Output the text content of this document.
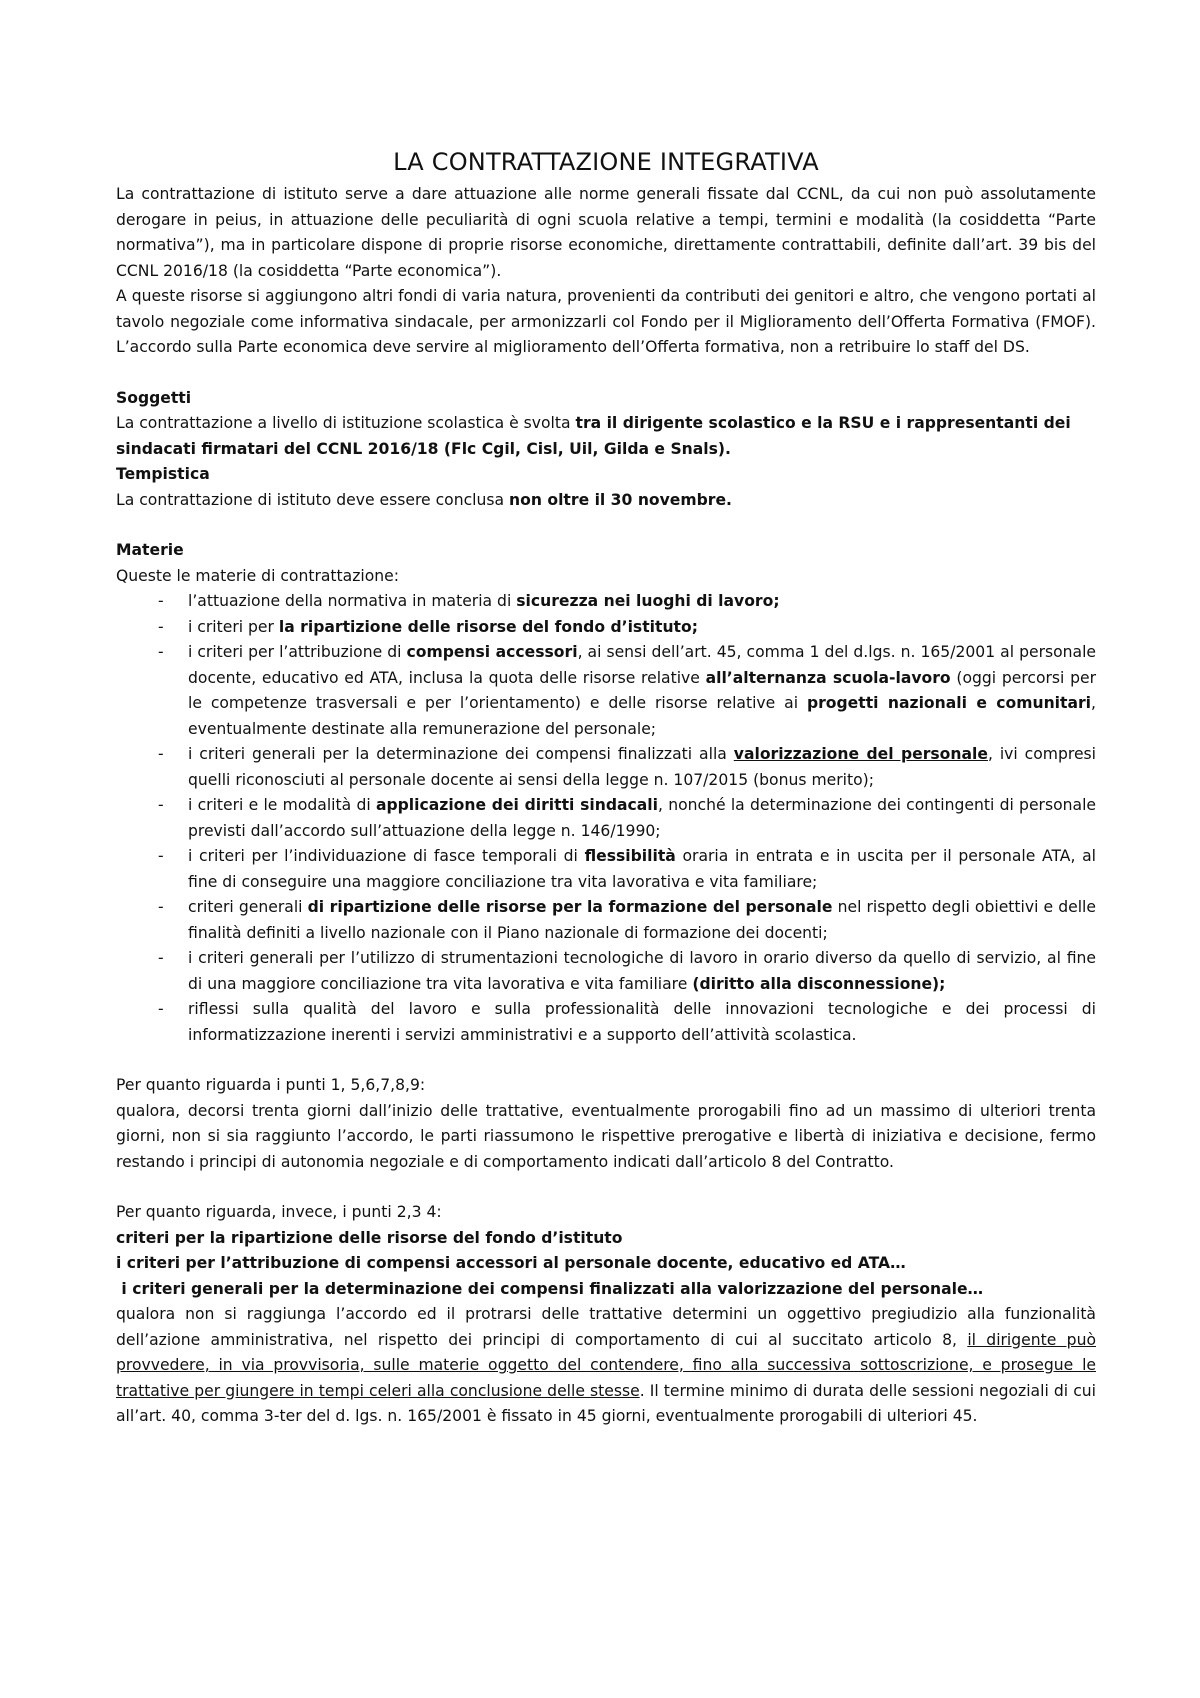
LA CONTRATTAZIONE INTEGRATIVA

La contrattazione di istituto serve a dare attuazione alle norme generali fissate dal CCNL, da cui non può assolutamente derogare in peius, in attuazione delle peculiarità di ogni scuola relative a tempi, termini e modalità (la cosiddetta “Parte normativa”), ma in particolare dispone di proprie risorse economiche, direttamente contrattabili, definite dall’art. 39 bis del CCNL 2016/18 (la cosiddetta “Parte economica”).

A queste risorse si aggiungono altri fondi di varia natura, provenienti da contributi dei genitori e altro, che vengono portati al tavolo negoziale come informativa sindacale, per armonizzarli col Fondo per il Miglioramento dell’Offerta Formativa (FMOF). L’accordo sulla Parte economica deve servire al miglioramento dell’Offerta formativa, non a retribuire lo staff del DS.

Soggetti

La contrattazione a livello di istituzione scolastica è svolta tra il dirigente scolastico e la RSU e i rappresentanti dei sindacati firmatari del CCNL 2016/18 (Flc Cgil, Cisl, Uil, Gilda e Snals).

Tempistica

La contrattazione di istituto deve essere conclusa non oltre il 30 novembre.

Materie

Queste le materie di contrattazione:

- l’attuazione della normativa in materia di sicurezza nei luoghi di lavoro;
- i criteri per la ripartizione delle risorse del fondo d’istituto;
- i criteri per l’attribuzione di compensi accessori, ai sensi dell’art. 45, comma 1 del d.lgs. n. 165/2001 al personale docente, educativo ed ATA, inclusa la quota delle risorse relative all’alternanza scuola-lavoro (oggi percorsi per le competenze trasversali e per l’orientamento) e delle risorse relative ai progetti nazionali e comunitari, eventualmente destinate alla remunerazione del personale;
- i criteri generali per la determinazione dei compensi finalizzati alla valorizzazione del personale, ivi compresi quelli riconosciuti al personale docente ai sensi della legge n. 107/2015 (bonus merito);
- i criteri e le modalità di applicazione dei diritti sindacali, nonché la determinazione dei contingenti di personale previsti dall’accordo sull’attuazione della legge n. 146/1990;
- i criteri per l’individuazione di fasce temporali di flessibilità oraria in entrata e in uscita per il personale ATA, al fine di conseguire una maggiore conciliazione tra vita lavorativa e vita familiare;
- criteri generali di ripartizione delle risorse per la formazione del personale nel rispetto degli obiettivi e delle finalità definiti a livello nazionale con il Piano nazionale di formazione dei docenti;
- i criteri generali per l’utilizzo di strumentazioni tecnologiche di lavoro in orario diverso da quello di servizio, al fine di una maggiore conciliazione tra vita lavorativa e vita familiare (diritto alla disconnessione);
- riflessi sulla qualità del lavoro e sulla professionalità delle innovazioni tecnologiche e dei processi di informatizzazione inerenti i servizi amministrativi e a supporto dell’attività scolastica.

Per quanto riguarda i punti 1, 5,6,7,8,9:

qualora, decorsi trenta giorni dall’inizio delle trattative, eventualmente prorogabili fino ad un massimo di ulteriori trenta giorni, non si sia raggiunto l’accordo, le parti riassumono le rispettive prerogative e libertà di iniziativa e decisione, fermo restando i principi di autonomia negoziale e di comportamento indicati dall’articolo 8 del Contratto.

Per quanto riguarda, invece, i punti 2,3 4:

criteri per la ripartizione delle risorse del fondo d’istituto

i criteri per l’attribuzione di compensi accessori al personale docente, educativo ed ATA…

i criteri generali per la determinazione dei compensi finalizzati alla valorizzazione del personale…

qualora non si raggiunga l’accordo ed il protrarsi delle trattative determini un oggettivo pregiudizio alla funzionalità dell’azione amministrativa, nel rispetto dei principi di comportamento di cui al succitato articolo 8, il dirigente può provvedere, in via provvisoria, sulle materie oggetto del contendere, fino alla successiva sottoscrizione, e prosegue le trattative per giungere in tempi celeri alla conclusione delle stesse. Il termine minimo di durata delle sessioni negoziali di cui all’art. 40, comma 3-ter del d. lgs. n. 165/2001 è fissato in 45 giorni, eventualmente prorogabili di ulteriori 45.
